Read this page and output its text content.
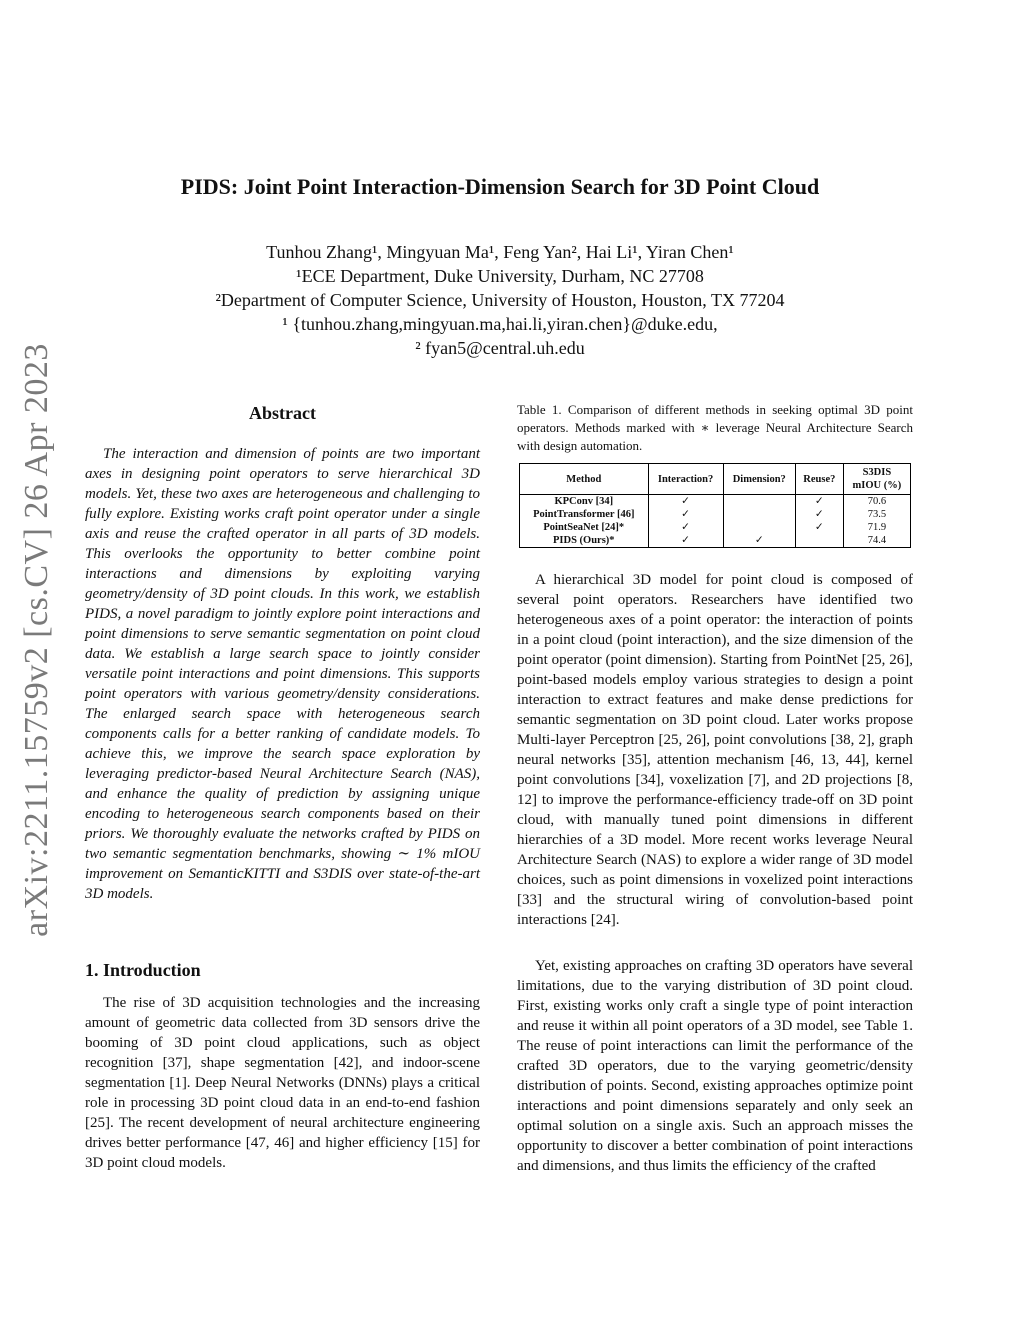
arXiv:2211.15759v2 [cs.CV] 26 Apr 2023
PIDS: Joint Point Interaction-Dimension Search for 3D Point Cloud
Tunhou Zhang¹, Mingyuan Ma¹, Feng Yan², Hai Li¹, Yiran Chen¹
¹ECE Department, Duke University, Durham, NC 27708
²Department of Computer Science, University of Houston, Houston, TX 77204
¹ {tunhou.zhang,mingyuan.ma,hai.li,yiran.chen}@duke.edu,
² fyan5@central.uh.edu
Abstract
The interaction and dimension of points are two important axes in designing point operators to serve hierarchical 3D models. Yet, these two axes are heterogeneous and challenging to fully explore. Existing works craft point operator under a single axis and reuse the crafted operator in all parts of 3D models. This overlooks the opportunity to better combine point interactions and dimensions by exploiting varying geometry/density of 3D point clouds. In this work, we establish PIDS, a novel paradigm to jointly explore point interactions and point dimensions to serve semantic segmentation on point cloud data. We establish a large search space to jointly consider versatile point interactions and point dimensions. This supports point operators with various geometry/density considerations. The enlarged search space with heterogeneous search components calls for a better ranking of candidate models. To achieve this, we improve the search space exploration by leveraging predictor-based Neural Architecture Search (NAS), and enhance the quality of prediction by assigning unique encoding to heterogeneous search components based on their priors. We thoroughly evaluate the networks crafted by PIDS on two semantic segmentation benchmarks, showing ∼ 1% mIOU improvement on SemanticKITTI and S3DIS over state-of-the-art 3D models.
1. Introduction
The rise of 3D acquisition technologies and the increasing amount of geometric data collected from 3D sensors drive the booming of 3D point cloud applications, such as object recognition [37], shape segmentation [42], and indoor-scene segmentation [1]. Deep Neural Networks (DNNs) plays a critical role in processing 3D point cloud data in an end-to-end fashion [25]. The recent development of neural architecture engineering drives better performance [47, 46] and higher efficiency [15] for 3D point cloud models.
Table 1. Comparison of different methods in seeking optimal 3D point operators. Methods marked with ∗ leverage Neural Architecture Search with design automation.
Method	Interaction?	Dimension?	Reuse?	S3DIS
mIOU (%)
KPConv [34]	✓		✓	70.6
PointTransformer [46]	✓		✓	73.5
PointSeaNet [24]*	✓		✓	71.9
PIDS (Ours)*	✓	✓		74.4
A hierarchical 3D model for point cloud is composed of several point operators. Researchers have identified two heterogeneous axes of a point operator: the interaction of points in a point cloud (point interaction), and the size dimension of the point operator (point dimension). Starting from PointNet [25, 26], point-based models employ various strategies to design a point interaction to extract features and make dense predictions for semantic segmentation on 3D point cloud. Later works propose Multi-layer Perceptron [25, 26], point convolutions [38, 2], graph neural networks [35], attention mechanism [46, 13, 44], kernel point convolutions [34], voxelization [7], and 2D projections [8, 12] to improve the performance-efficiency trade-off on 3D point cloud, with manually tuned point dimensions in different hierarchies of a 3D model. More recent works leverage Neural Architecture Search (NAS) to explore a wider range of 3D model choices, such as point dimensions in voxelized point interactions [33] and the structural wiring of convolution-based point interactions [24].
Yet, existing approaches on crafting 3D operators have several limitations, due to the varying distribution of 3D point cloud. First, existing works only craft a single type of point interaction and reuse it within all point operators of a 3D model, see Table 1. The reuse of point interactions can limit the performance of the crafted 3D operators, due to the varying geometric/density distribution of points. Second, existing approaches optimize point interactions and point dimensions separately and only seek an optimal solution on a single axis. Such an approach misses the opportunity to discover a better combination of point interactions and dimensions, and thus limits the efficiency of the crafted
